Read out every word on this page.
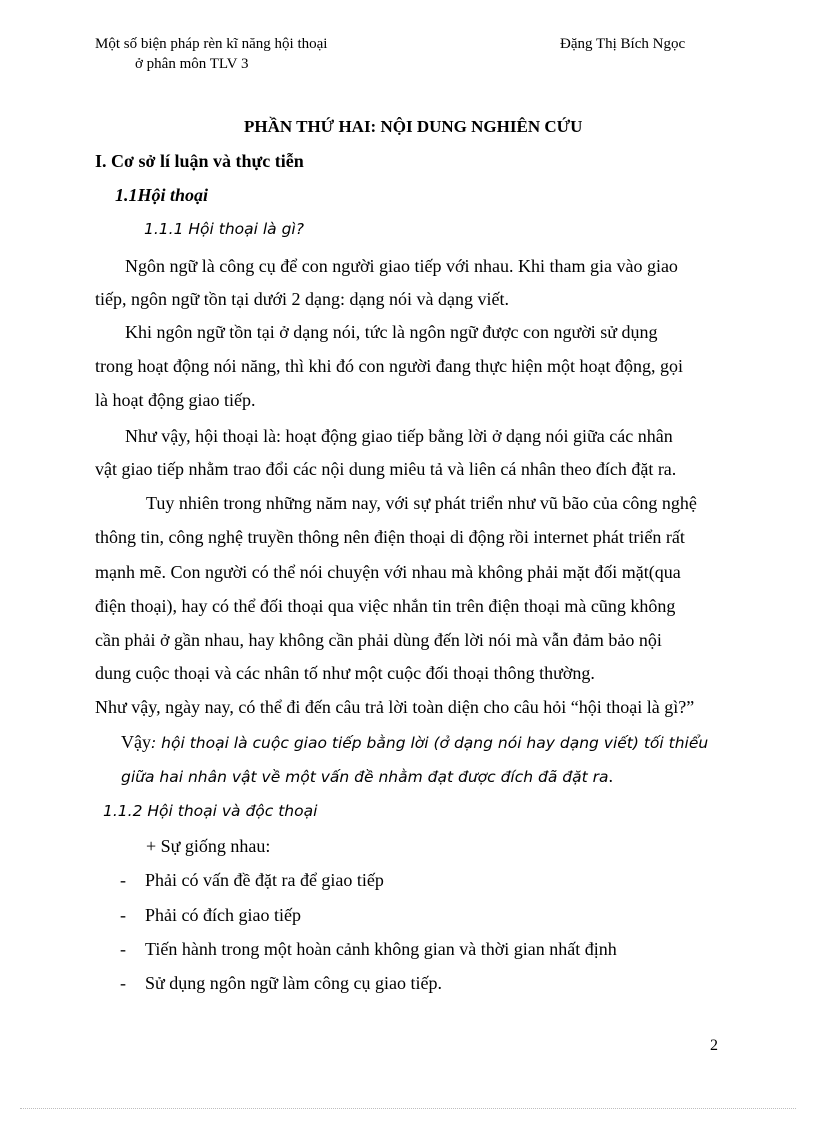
Một số biện pháp rèn kĩ năng hội thoại
ở phân môn TLV 3
Đặng Thị Bích Ngọc
PHẦN THỨ HAI: NỘI DUNG NGHIÊN CỨU
I. Cơ sở lí luận và thực tiễn
1.1Hội thoại
1.1.1 Hội thoại là gì?
Ngôn ngữ là công cụ để con người giao tiếp với nhau. Khi tham gia vào giao
tiếp, ngôn ngữ tồn tại dưới 2 dạng: dạng nói và dạng viết.
Khi ngôn ngữ tồn tại ở dạng nói, tức là ngôn ngữ được con người sử dụng
trong hoạt động nói năng, thì khi đó con người đang thực hiện một hoạt động, gọi
là hoạt động giao tiếp.
Như vậy, hội thoại là: hoạt động giao tiếp bằng lời ở dạng nói giữa các nhân
vật giao tiếp nhằm trao đổi các nội dung miêu tả và liên cá nhân theo đích đặt ra.
Tuy nhiên trong những năm nay, với sự phát triển như vũ bão của công nghệ
thông tin, công nghệ truyền thông nên điện thoại di động rồi internet phát triển rất
mạnh mẽ. Con người có thể nói chuyện với nhau mà không phải mặt đối mặt(qua
điện thoại), hay có thể đối thoại qua việc nhắn tin trên điện thoại mà cũng không
cần phải ở gần nhau, hay không cần phải dùng đến lời nói mà vẫn đảm bảo nội
dung cuộc thoại và các nhân tố như một cuộc đối thoại thông thường.
Như vậy, ngày nay, có thể đi đến câu trả lời toàn diện cho câu hỏi “hội thoại là gì?”
Vậy: hội thoại là cuộc giao tiếp bằng lời (ở dạng nói hay dạng viết) tối thiểu
giữa hai nhân vật về một vấn đề nhằm đạt được đích đã đặt ra.
1.1.2 Hội thoại và độc thoại
+ Sự giống nhau:
- Phải có vấn đề đặt ra để giao tiếp
- Phải có đích giao tiếp
- Tiến hành trong một hoàn cảnh không gian và thời gian nhất định
- Sử dụng ngôn ngữ làm công cụ giao tiếp.
2
